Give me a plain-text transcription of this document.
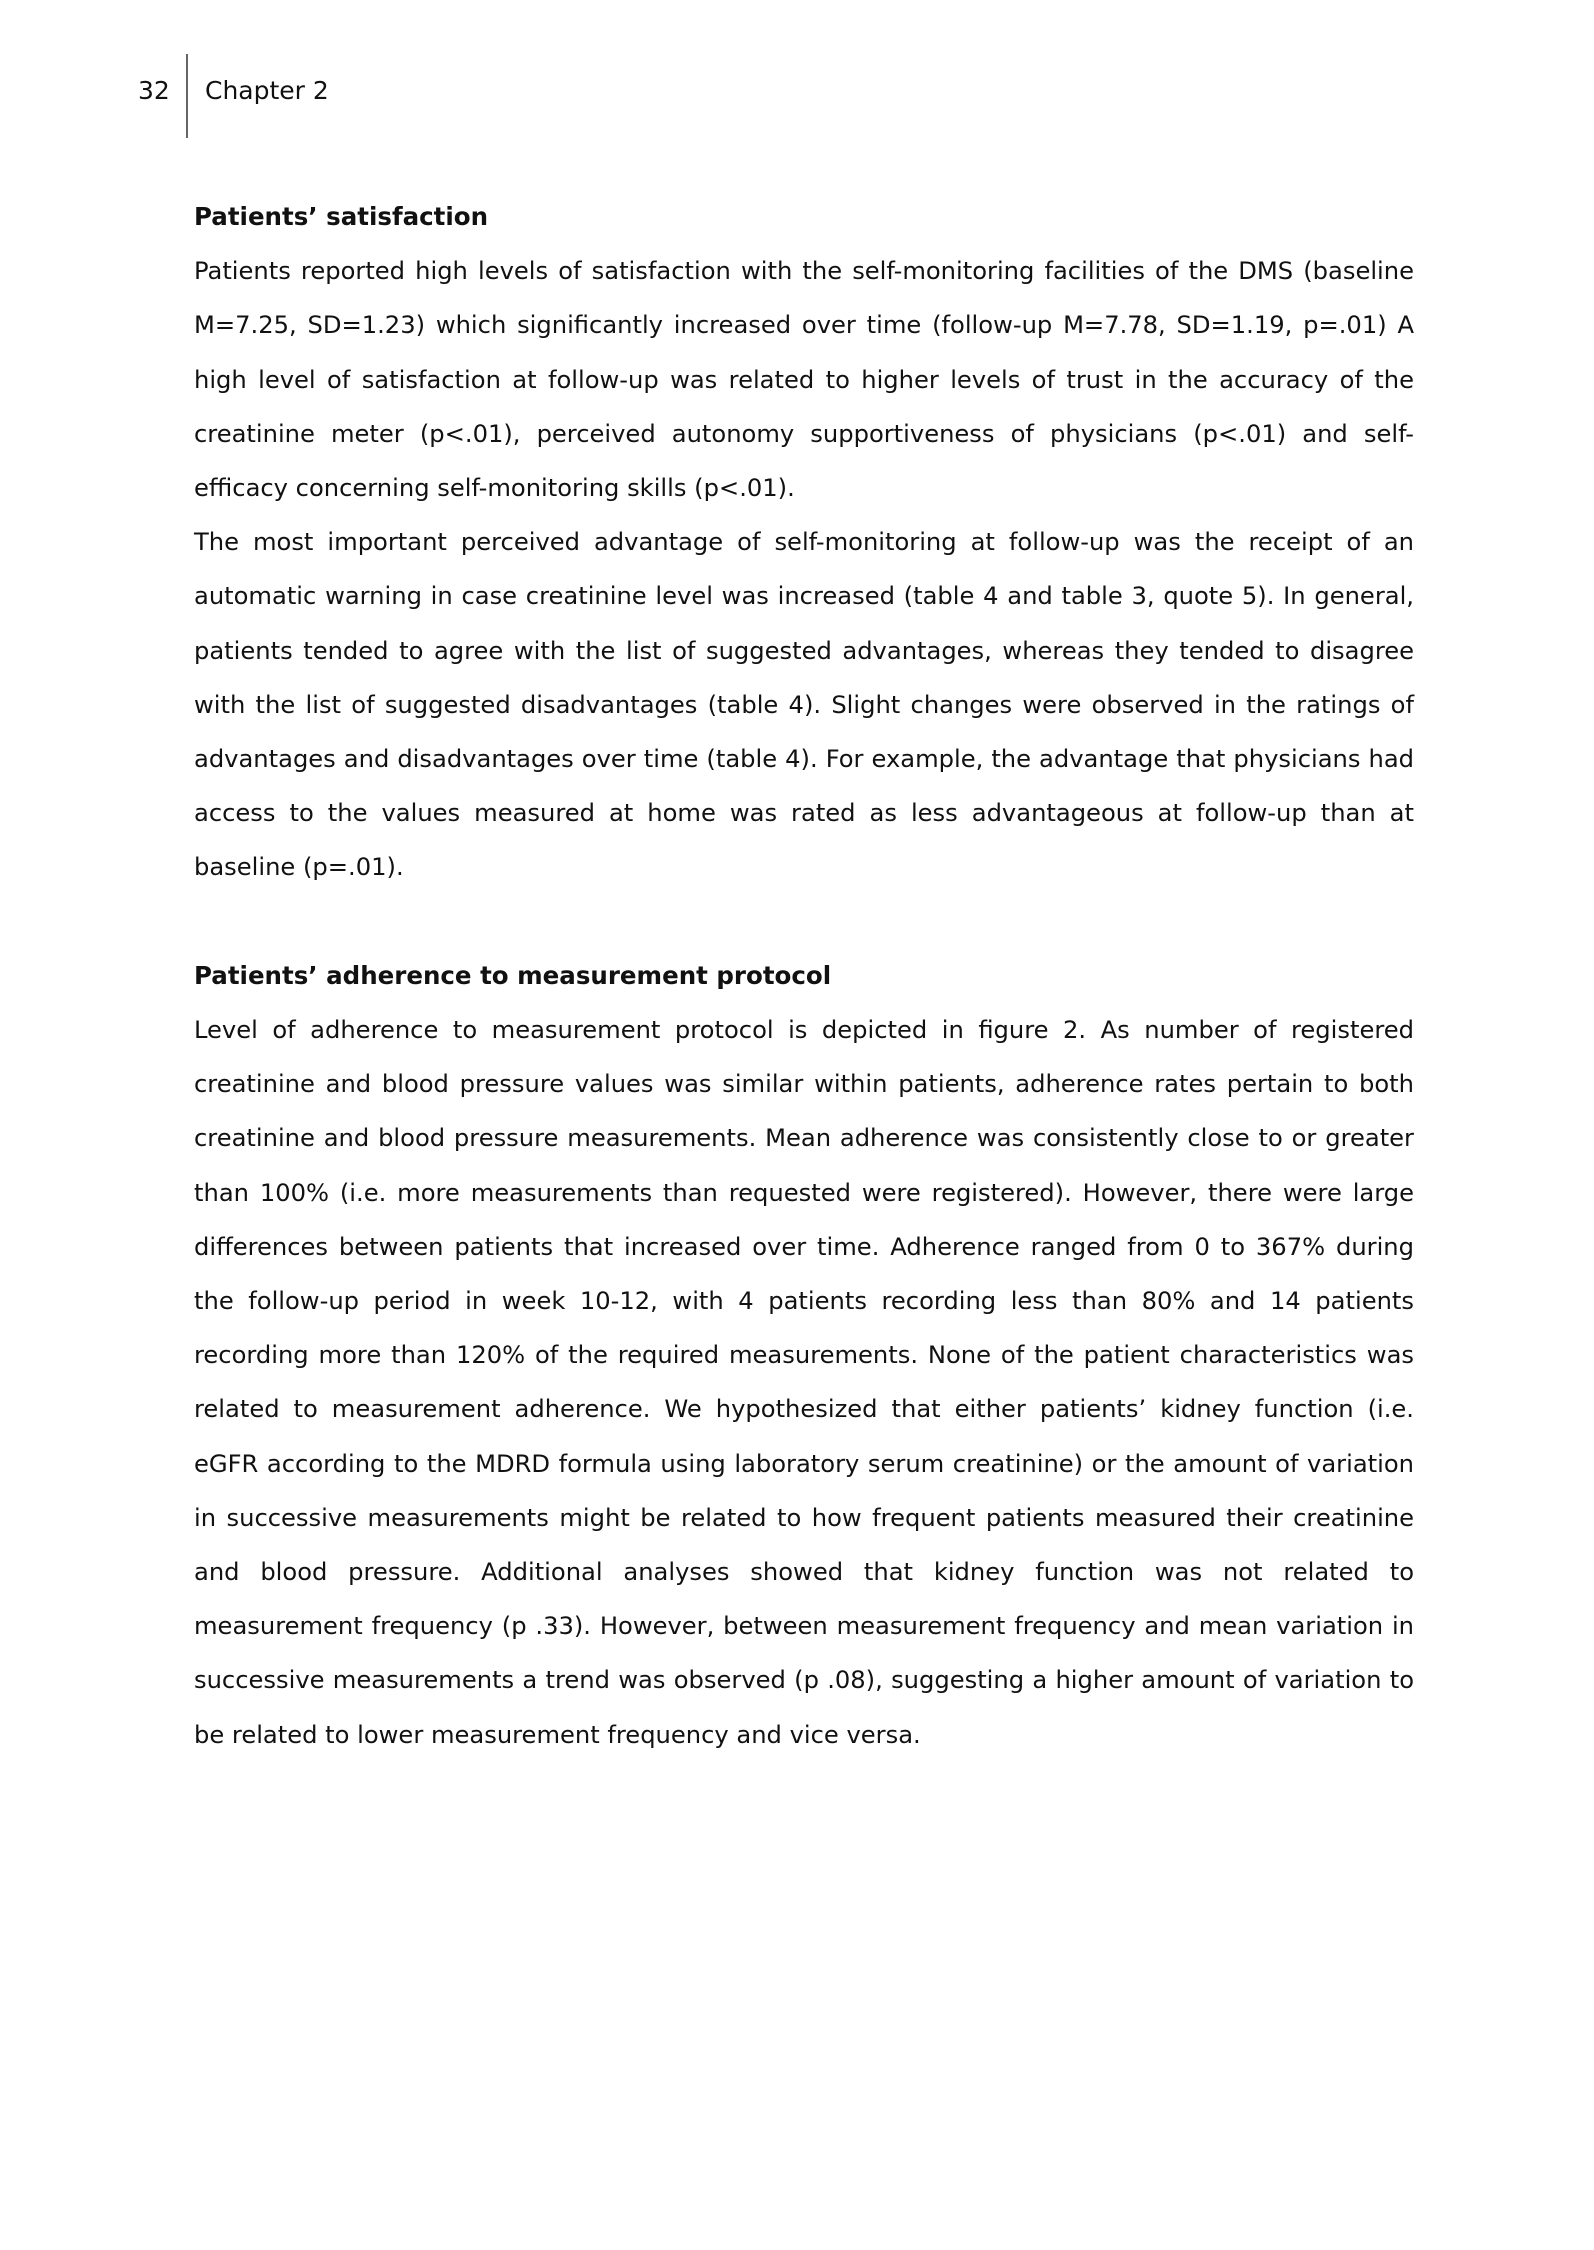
32 Chapter 2
Patients’ satisfaction

Patients reported high levels of satisfaction with the self-monitoring facilities of the DMS (baseline M=7.25, SD=1.23) which significantly increased over time (follow-up M=7.78, SD=1.19, p=.01) A high level of satisfaction at follow-up was related to higher levels of trust in the accuracy of the creatinine meter (p<.01), perceived autonomy supportiveness of physicians (p<.01) and self-efficacy concerning self-monitoring skills (p<.01).

The most important perceived advantage of self-monitoring at follow-up was the receipt of an automatic warning in case creatinine level was increased (table 4 and table 3, quote 5). In general, patients tended to agree with the list of suggested advantages, whereas they tended to disagree with the list of suggested disadvantages (table 4). Slight changes were observed in the ratings of advantages and disadvantages over time (table 4). For example, the advantage that physicians had access to the values measured at home was rated as less advantageous at follow-up than at baseline (p=.01).

Patients’ adherence to measurement protocol

Level of adherence to measurement protocol is depicted in figure 2. As number of registered creatinine and blood pressure values was similar within patients, adherence rates pertain to both creatinine and blood pressure measurements. Mean adherence was consistently close to or greater than 100% (i.e. more measurements than requested were registered). However, there were large differences between patients that increased over time. Adherence ranged from 0 to 367% during the follow-up period in week 10-12, with 4 patients recording less than 80% and 14 patients recording more than 120% of the required measurements. None of the patient characteristics was related to measurement adherence. We hypothesized that either patients’ kidney function (i.e. eGFR according to the MDRD formula using laboratory serum creatinine) or the amount of variation in successive measurements might be related to how frequent patients measured their creatinine and blood pressure. Additional analyses showed that kidney function was not related to measurement frequency (p .33). However, between measurement frequency and mean variation in successive measurements a trend was observed (p .08), suggesting a higher amount of variation to be related to lower measurement frequency and vice versa.
